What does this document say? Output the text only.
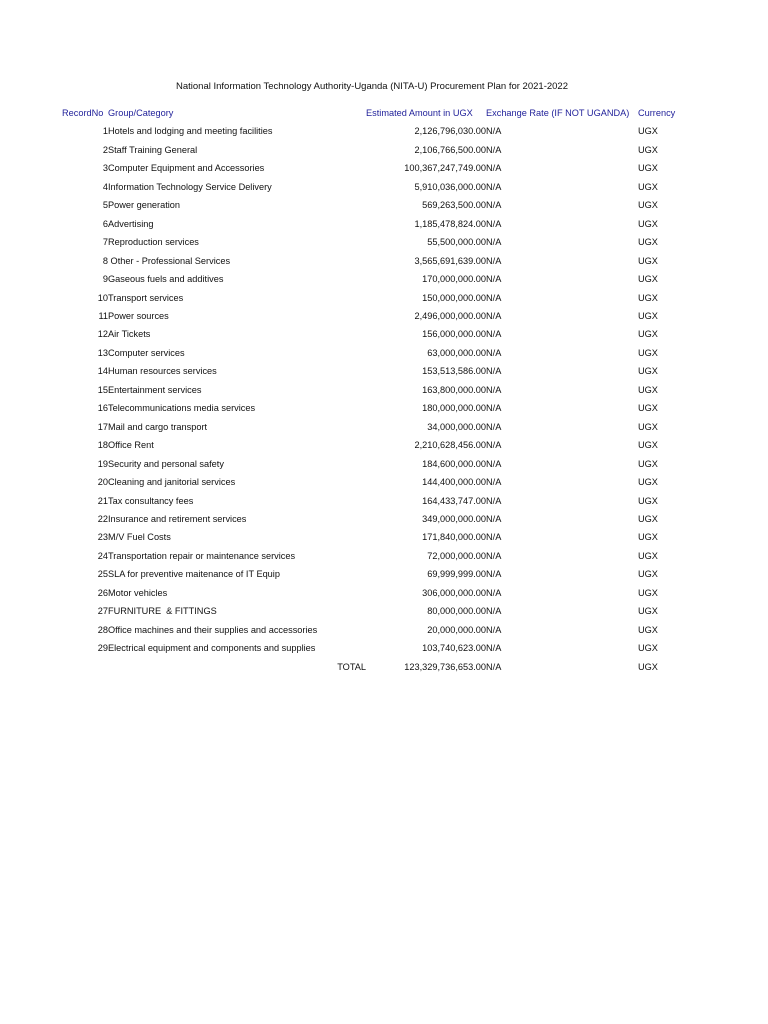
National Information Technology Authority-Uganda (NITA-U) Procurement Plan for 2021-2022
RecordNo	Group/Category	Estimated Amount in UGX	Exchange Rate (IF NOT UGANDA)	Currency
1	Hotels and lodging and meeting facilities	2,126,796,030.00	N/A	UGX
2	Staff Training General	2,106,766,500.00	N/A	UGX
3	Computer Equipment and Accessories	100,367,247,749.00	N/A	UGX
4	Information Technology Service Delivery	5,910,036,000.00	N/A	UGX
5	Power generation	569,263,500.00	N/A	UGX
6	Advertising	1,185,478,824.00	N/A	UGX
7	Reproduction services	55,500,000.00	N/A	UGX
8	Other - Professional Services	3,565,691,639.00	N/A	UGX
9	Gaseous fuels and additives	170,000,000.00	N/A	UGX
10	Transport services	150,000,000.00	N/A	UGX
11	Power sources	2,496,000,000.00	N/A	UGX
12	Air Tickets	156,000,000.00	N/A	UGX
13	Computer services	63,000,000.00	N/A	UGX
14	Human resources services	153,513,586.00	N/A	UGX
15	Entertainment services	163,800,000.00	N/A	UGX
16	Telecommunications media services	180,000,000.00	N/A	UGX
17	Mail and cargo transport	34,000,000.00	N/A	UGX
18	Office Rent	2,210,628,456.00	N/A	UGX
19	Security and personal safety	184,600,000.00	N/A	UGX
20	Cleaning and janitorial services	144,400,000.00	N/A	UGX
21	Tax consultancy fees	164,433,747.00	N/A	UGX
22	Insurance and retirement services	349,000,000.00	N/A	UGX
23	M/V Fuel Costs	171,840,000.00	N/A	UGX
24	Transportation repair or maintenance services	72,000,000.00	N/A	UGX
25	SLA for preventive maitenance of IT Equip	69,999,999.00	N/A	UGX
26	Motor vehicles	306,000,000.00	N/A	UGX
27	FURNITURE  & FITTINGS	80,000,000.00	N/A	UGX
28	Office machines and their supplies and accessories	20,000,000.00	N/A	UGX
29	Electrical equipment and components and supplies	103,740,623.00	N/A	UGX
	TOTAL	123,329,736,653.00	N/A	UGX
